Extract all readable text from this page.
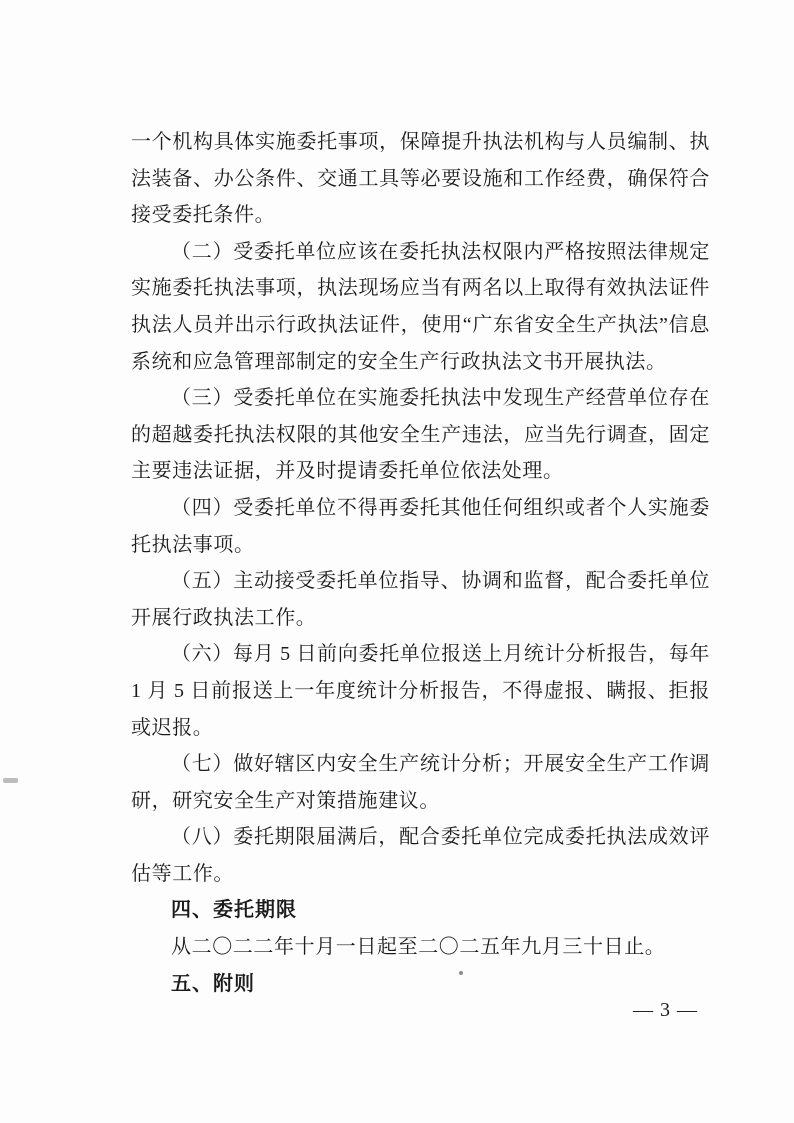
一个机构具体实施委托事项，保障提升执法机构与人员编制、执法装备、办公条件、交通工具等必要设施和工作经费，确保符合接受委托条件。

（二）受委托单位应该在委托执法权限内严格按照法律规定实施委托执法事项，执法现场应当有两名以上取得有效执法证件执法人员并出示行政执法证件，使用“广东省安全生产执法”信息系统和应急管理部制定的安全生产行政执法文书开展执法。

（三）受委托单位在实施委托执法中发现生产经营单位存在的超越委托执法权限的其他安全生产违法，应当先行调查，固定主要违法证据，并及时提请委托单位依法处理。

（四）受委托单位不得再委托其他任何组织或者个人实施委托执法事项。

（五）主动接受委托单位指导、协调和监督，配合委托单位开展行政执法工作。

（六）每月 5 日前向委托单位报送上月统计分析报告，每年 1 月 5 日前报送上一年度统计分析报告，不得虚报、瞒报、拒报或迟报。

（七）做好辖区内安全生产统计分析；开展安全生产工作调研，研究安全生产对策措施建议。

（八）委托期限届满后，配合委托单位完成委托执法成效评估等工作。

四、委托期限

从二〇二二年十月一日起至二〇二五年九月三十日止。

五、附则

— 3 —
